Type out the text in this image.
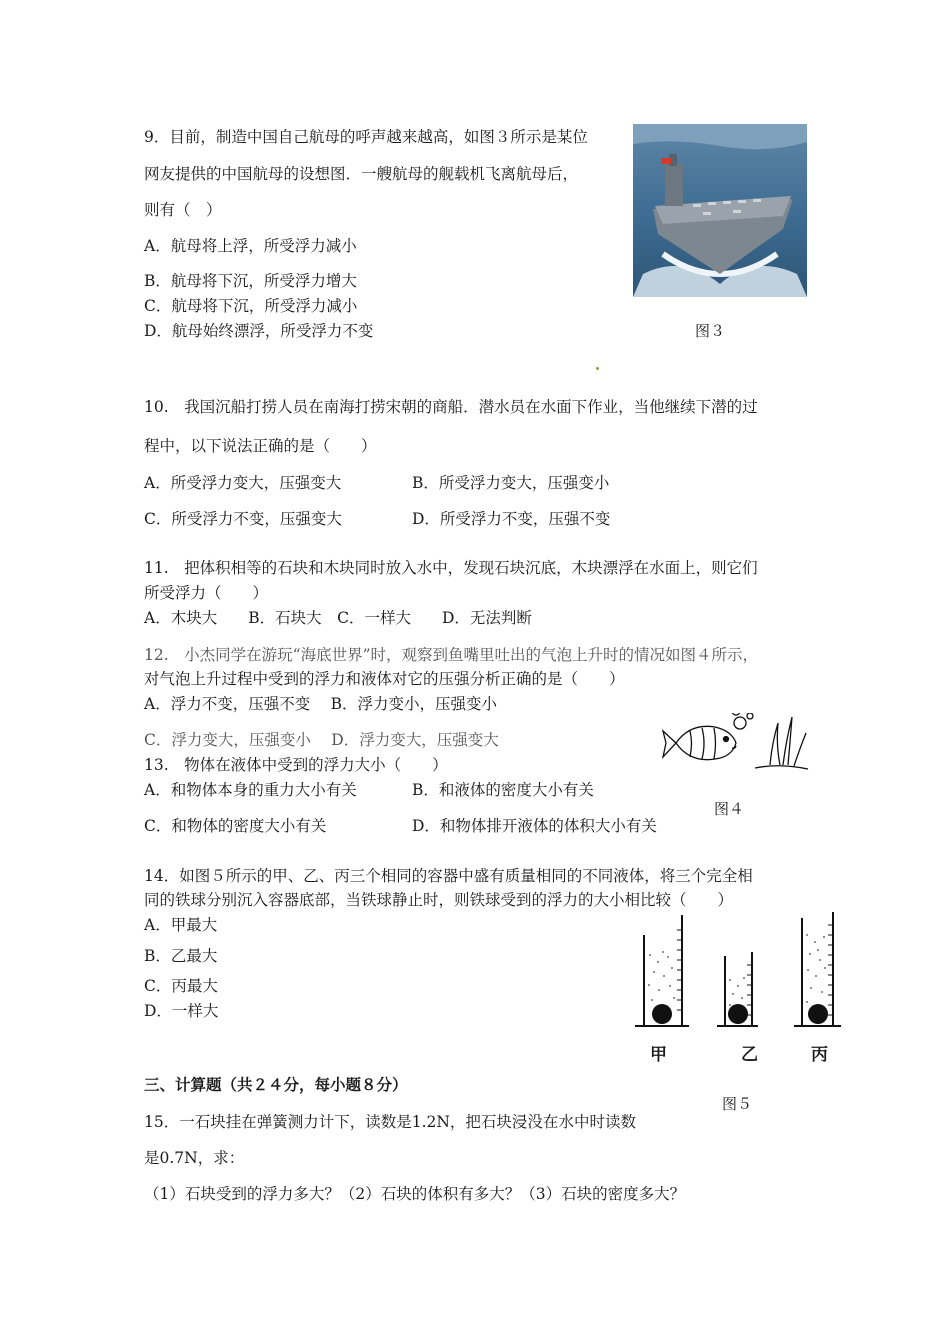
9．目前，制造中国自己航母的呼声越来越高，如图３所示是某位
网友提供的中国航母的设想图．一艘航母的舰载机飞离航母后，
则有（　）
A．航母将上浮，所受浮力减小
B．航母将下沉，所受浮力增大
C．航母将下沉，所受浮力减小
D．航母始终漂浮，所受浮力不变	图３
10.　我国沉船打捞人员在南海打捞宋朝的商船．潜水员在水面下作业，当他继续下潜的过
程中，以下说法正确的是（　　）
A．所受浮力变大，压强变大	B．所受浮力变大，压强变小
C．所受浮力不变，压强变大	D．所受浮力不变，压强不变
11.　把体积相等的石块和木块同时放入水中，发现石块沉底，木块漂浮在水面上，则它们
所受浮力（　　）
A．木块大　　B．石块大　C．一样大　　D．无法判断
12.　小杰同学在游玩“海底世界”时，观察到鱼嘴里吐出的气泡上升时的情况如图４所示，
对气泡上升过程中受到的浮力和液体对它的压强分析正确的是（　　）
A．浮力不变，压强不变　 B．浮力变小，压强变小
C．浮力变大，压强变小　 D．浮力变大，压强变大
13.　物体在液体中受到的浮力大小（　　）
A．和物体本身的重力大小有关	B．和液体的密度大小有关
图４
C．和物体的密度大小有关	D．和物体排开液体的体积大小有关
14．如图５所示的甲、乙、丙三个相同的容器中盛有质量相同的不同液体，将三个完全相
同的铁球分别沉入容器底部，当铁球静止时，则铁球受到的浮力的大小相比较（　　）
A．甲最大
B．乙最大
C．丙最大
D．一样大
甲	乙	丙
图５
三、计算题（共２４分，每小题８分）
15．一石块挂在弹簧测力计下，读数是1.2N，把石块浸没在水中时读数
是0.7N，求：
（1）石块受到的浮力多大？（2）石块的体积有多大？（3）石块的密度多大？
